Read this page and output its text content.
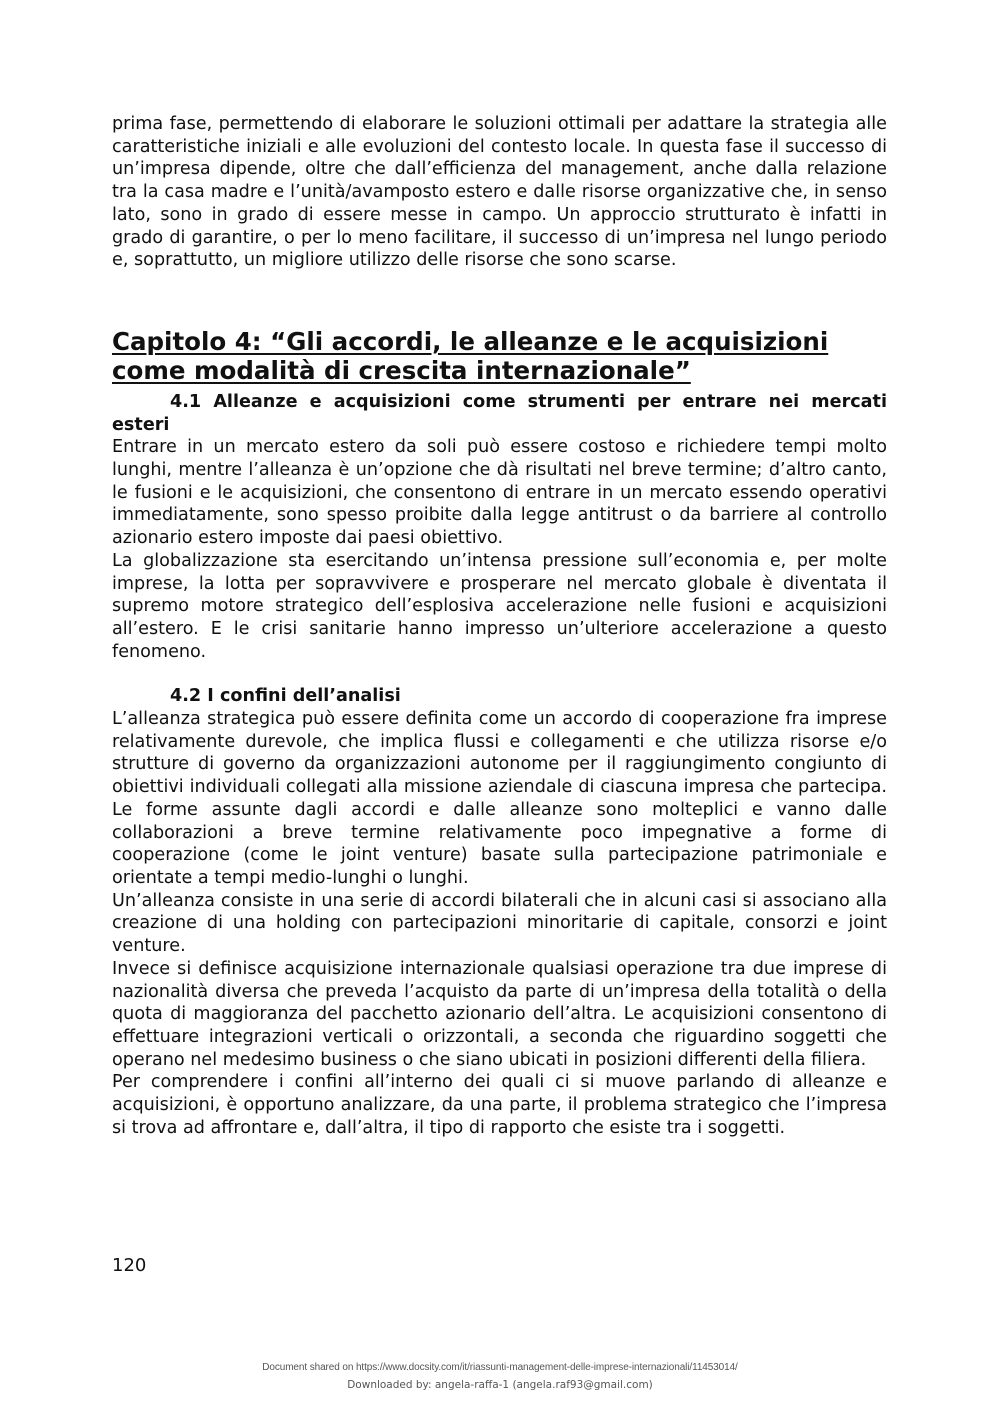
prima fase, permettendo di elaborare le soluzioni ottimali per adattare la strategia alle caratteristiche iniziali e alle evoluzioni del contesto locale. In questa fase il successo di un’impresa dipende, oltre che dall’efficienza del management, anche dalla relazione tra la casa madre e l’unità/avamposto estero e dalle risorse organizzative che, in senso lato, sono in grado di essere messe in campo. Un approccio strutturato è infatti in grado di garantire, o per lo meno facilitare, il successo di un’impresa nel lungo periodo e, soprattutto, un migliore utilizzo delle risorse che sono scarse.

Capitolo 4: “Gli accordi, le alleanze e le acquisizioni come modalità di crescita internazionale”
4.1 Alleanze e acquisizioni come strumenti per entrare nei mercati esteri

Entrare in un mercato estero da soli può essere costoso e richiedere tempi molto lunghi, mentre l’alleanza è un’opzione che dà risultati nel breve termine; d’altro canto, le fusioni e le acquisizioni, che consentono di entrare in un mercato essendo operativi immediatamente, sono spesso proibite dalla legge antitrust o da barriere al controllo azionario estero imposte dai paesi obiettivo.

La globalizzazione sta esercitando un’intensa pressione sull’economia e, per molte imprese, la lotta per sopravvivere e prosperare nel mercato globale è diventata il supremo motore strategico dell’esplosiva accelerazione nelle fusioni e acquisizioni all’estero. E le crisi sanitarie hanno impresso un’ulteriore accelerazione a questo fenomeno.

4.2 I confini dell’analisi

L’alleanza strategica può essere definita come un accordo di cooperazione fra imprese relativamente durevole, che implica flussi e collegamenti e che utilizza risorse e/o strutture di governo da organizzazioni autonome per il raggiungimento congiunto di obiettivi individuali collegati alla missione aziendale di ciascuna impresa che partecipa. Le forme assunte dagli accordi e dalle alleanze sono molteplici e vanno dalle collaborazioni a breve termine relativamente poco impegnative a forme di cooperazione (come le joint venture) basate sulla partecipazione patrimoniale e orientate a tempi medio-lunghi o lunghi.

Un’alleanza consiste in una serie di accordi bilaterali che in alcuni casi si associano alla creazione di una holding con partecipazioni minoritarie di capitale, consorzi e joint venture.

Invece si definisce acquisizione internazionale qualsiasi operazione tra due imprese di nazionalità diversa che preveda l’acquisto da parte di un’impresa della totalità o della quota di maggioranza del pacchetto azionario dell’altra. Le acquisizioni consentono di effettuare integrazioni verticali o orizzontali, a seconda che riguardino soggetti che operano nel medesimo business o che siano ubicati in posizioni differenti della filiera.

Per comprendere i confini all’interno dei quali ci si muove parlando di alleanze e acquisizioni, è opportuno analizzare, da una parte, il problema strategico che l’impresa si trova ad affrontare e, dall’altra, il tipo di rapporto che esiste tra i soggetti.

120
Document shared on https://www.docsity.com/it/riassunti-management-delle-imprese-internazionali/11453014/
Downloaded by: angela-raffa-1 (angela.raf93@gmail.com)
